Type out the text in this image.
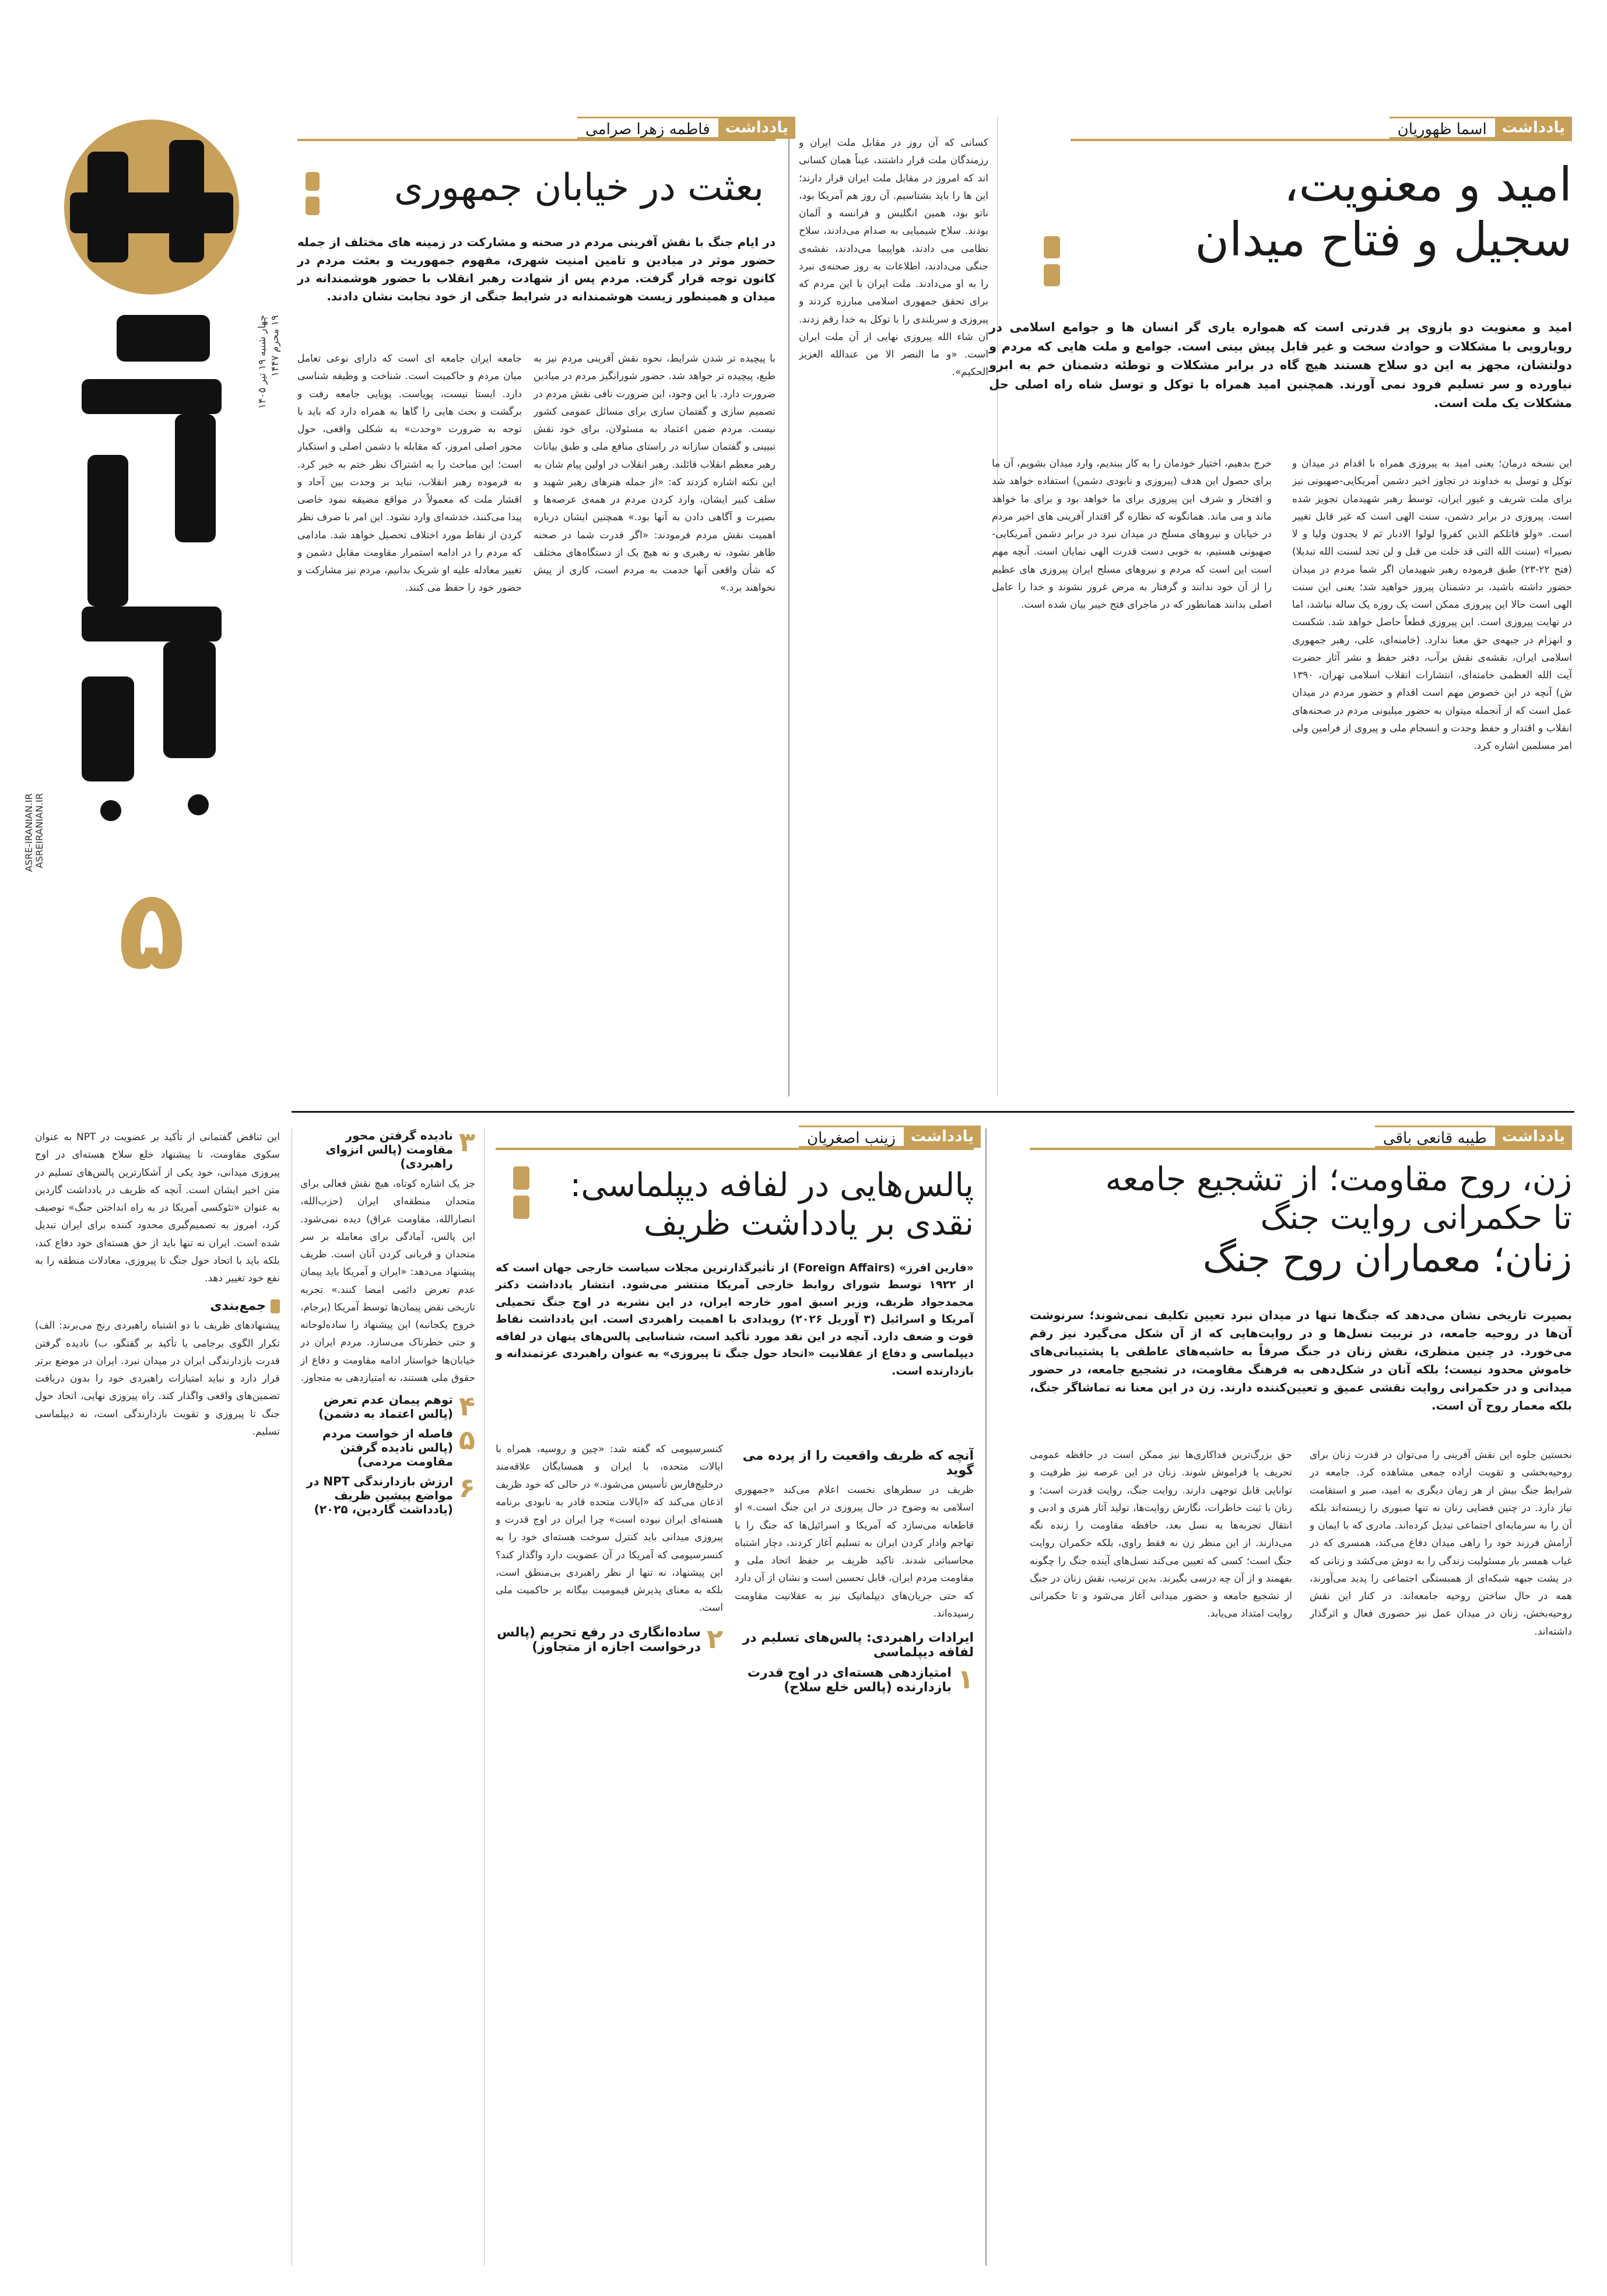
۵
ASRE-IRANIAN.IR ASREIRANIAN.IR
چهار شنبه ۱۹ تیر ۱۴۰۵
۱۹ محرم ۱۴۴۷
یادداشت
اسما ظهوریان
امید و معنویت،
سجیل و فتاح میدان
امید و معنویت دو بازوی پر قدرتی است که همواره یاری گر انسان ها و جوامع اسلامی در رویارویی با مشکلات و حوادث سخت و غیر قابل پیش بینی است. جوامع و ملت هایی که مردم و دولتشان، مجهز به این دو سلاح هستند هیچ گاه در برابر مشکلات و توطئه دشمنان خم به ابرو نیاورده و سر تسلیم فرود نمی آورند. همچنین امید همراه با توکل و توسل شاه راه اصلی حل مشکلات یک ملت است.
این نسخه درمان؛ یعنی امید به پیروزی همراه با اقدام در میدان و توکل و توسل به خداوند در تجاوز اخیر دشمن آمریکایی-صهیونی نیز برای ملت شریف و غیور ایران، توسط رهبر شهیدمان تجویز شده است. پیروزی در برابر دشمن، سنت الهی است که غیر قابل تغییر است. «ولو قاتلکم الذین کفروا لولوا الادبار ثم لا یجدون ولیا و لا نصیرا» (سنت الله التی قد خلت من قبل و لن تجد لسنت الله تبدیلا) (فتح ۲۲-۲۳) طبق فرموده رهبر شهیدمان اگر شما مردم در میدان حضور داشته باشید، بر دشمنان پیروز خواهید شد؛ یعنی این سنت الهی است حالا این پیروزی ممکن است یک روزه یک ساله نباشد، اما در نهایت پیروزی است. این پیروزی قطعاً حاصل خواهد شد. شکست و انهزام در جبهه‌ی حق معنا ندارد. (خامنه‌ای، علی، رهبر جمهوری اسلامی ایران، نقشه‌ی نقش برآب، دفتر حفظ و نشر آثار حضرت آیت الله العظمی خامنه‌ای، انتشارات انقلاب اسلامی تهران، ۱۳۹۰ ش) آنچه در این خصوص مهم است اقدام و حضور مردم در میدان عمل است که از آنجمله میتوان به حضور میلیونی مردم در صحنه‌های انقلاب و اقتدار و حفظ وحدت و انسجام ملی و پیروی از فرامین ولی امر مسلمین اشاره کرد.
خرج بدهیم، اختیار خودمان را به کار ببندیم، وارد میدان بشویم، آن ما برای حصول این هدف (پیروزی و نابودی دشمن) استفاده خواهد شد و افتخار و شرف این پیروزی برای ما خواهد بود و برای ما خواهد ماند و می ماند. همانگونه که نظاره گر اقتدار آفرینی های اخیر مردم در خیابان و نیروهای مسلح در میدان نبرد در برابر دشمن آمریکایی-صهیونی هستیم، به خوبی دست قدرت الهی نمایان است. آنچه مهم است این است که مردم و نیروهای مسلح ایران پیروزی های عظیم را از آن خود ندانند و گرفتار به مرض غرور نشوند و خدا را عامل اصلی بدانند همانطور که در ماجرای فتح خیبر بیان شده است.
کسانی که آن روز در مقابل ملت ایران و رزمندگان ملت قرار داشتند، عیناً همان کسانی اند که امروز در مقابل ملت ایران قرار دارند؛ این ها را باید بشناسیم. آن روز هم آمریکا بود، ناتو بود، همین انگلیس و فرانسه و آلمان بودند. سلاح شیمیایی به صدام می‌دادند، سلاح نظامی می دادند، هواپیما می‌دادند، نقشه‌ی جنگی می‌دادند، اطلاعات به روز صحنه‌ی نبرد را به او می‌دادند. ملت ایران با این مردم که برای تحقق جمهوری اسلامی مبارزه کردند و پیروزی و سربلندی را با توکل به خدا رقم زدند. ان شاء الله پیروزی نهایی از آن ملت ایران است. «و ما النصر الا من عندالله العزیز الحکیم».
یادداشت
فاطمه زهرا صرامی
بعثت در خیابان جمهوری
در ایام جنگ با نقش آفرینی مردم در صحنه و مشارکت در زمینه های مختلف از جمله حضور موثر در میادین و تامین امنیت شهری، مفهوم جمهوریت و بعثت مردم در کانون توجه قرار گرفت. مردم پس از شهادت رهبر انقلاب با حضور هوشمندانه در میدان و همینطور زیست هوشمندانه در شرایط جنگی از خود نجابت نشان دادند.
با پیچیده تر شدن شرایط، نحوه نقش آفرینی مردم نیز به طبع، پیچیده تر خواهد شد. حضور شورانگیز مردم در میادین ضرورت دارد. با این وجود، این ضرورت نافی نقش مردم در تصمیم سازی و گفتمان سازی برای مسائل عمومی کشور نیست. مردم ضمن اعتماد به مسئولان، برای خود نقش تبیینی و گفتمان سازانه در راستای منافع ملی و طبق بیانات رهبر معظم انقلاب قائلند. رهبر انقلاب در اولین پیام شان به این نکته اشاره کردند که: «از جمله هنرهای رهبر شهید و سلف کبیر ایشان، وارد کردن مردم در همه‌ی عرصه‌ها و بصیرت و آگاهی دادن به آنها بود.» همچنین ایشان درباره اهمیت نقش مردم فرمودند: «اگر قدرت شما در صحنه ظاهر نشود، نه رهبری و نه هیچ یک از دستگاه‌های مختلف که شأن واقعی آنها خدمت به مردم است، کاری از پیش نخواهند برد.»
جامعه ایران جامعه ای است که دارای نوعی تعامل میان مردم و حاکمیت است. شناخت و وظیفه شناسی دارد. ایستا نیست، پویاست. پویایی جامعه رفت و برگشت و بحث هایی را گاها به همراه دارد که باید با توجه به ضرورت «وحدت» به شکلی واقعی، حول محور اصلی امروز، که مقابله با دشمن اصلی و استکبار است؛ این مباحث را به اشتراک نظر ختم به خیر کرد. به فرموده رهبر انقلاب، نباید بر وحدت بین آحاد و اقشار ملت که معمولاً در مواقع مضیقه نمود خاصی پیدا می‌کنند، خدشه‌ای وارد نشود. این امر با صرف نظر کردن از نقاط مورد اختلاف تحصیل خواهد شد. مادامی که مردم را در ادامه استمرار مقاومت مقابل دشمن و تغییر معادله علیه او شریک بدانیم، مردم نیز مشارکت و حضور خود را حفظ می کنند.
یادداشت
طیبه قانعی باقی
زن، روح مقاومت؛ از تشجیع جامعه
تا حکمرانی روایت جنگ
زنان؛ معماران روح جنگ
بصیرت تاریخی نشان می‌دهد که جنگ‌ها تنها در میدان نبرد تعیین تکلیف نمی‌شوند؛ سرنوشت آن‌ها در روحیه جامعه، در تربیت نسل‌ها و در روایت‌هایی که از آن شکل می‌گیرد نیز رقم می‌خورد. در چنین منظری، نقش زنان در جنگ صرفاً به حاشیه‌های عاطفی یا پشتیبانی‌های خاموش محدود نیست؛ بلکه آنان در شکل‌دهی به فرهنگ مقاومت، در تشجیع جامعه، در حضور میدانی و در حکمرانی روایت نقشی عمیق و تعیین‌کننده دارند. زن در این معنا نه تماشاگر جنگ، بلکه معمار روح آن است.
نخستین جلوه این نقش آفرینی را می‌توان در قدرت زنان برای روحیه‌بخشی و تقویت اراده جمعی مشاهده کرد. جامعه در شرایط جنگ بیش از هر زمان دیگری به امید، صبر و استقامت نیاز دارد. در چنین فضایی زنان نه تنها صبوری را زیسته‌اند بلکه آن را به سرمایه‌ای اجتماعی تبدیل کرده‌اند. مادری که با ایمان و آرامش فرزند خود را راهی میدان دفاع می‌کند، همسری که در غیاب همسر بار مسئولیت زندگی را به دوش می‌کشد و زنانی که در پشت جبهه شبکه‌ای از همبستگی اجتماعی را پدید می‌آورند، همه در حال ساختن روحیه جامعه‌اند. در کنار این نقش روحیه‌بخش، زنان در میدان عمل نیز حضوری فعال و اثرگذار داشته‌اند.
حق بزرگ‌ترین فداکاری‌ها نیز ممکن است در حافظه عمومی تحریف یا فراموش شوند. زنان در این عرصه نیز ظرفیت و توانایی قابل توجهی دارند. روایت جنگ، روایت قدرت است؛ و زنان با ثبت خاطرات، نگارش روایت‌ها، تولید آثار هنری و ادبی و انتقال تجربه‌ها به نسل بعد، حافظه مقاومت را زنده نگه می‌دارند. از این منظر زن نه فقط راوی، بلکه حکمران روایت جنگ است؛ کسی که تعیین می‌کند نسل‌های آینده جنگ را چگونه بفهمند و از آن چه درسی بگیرند. بدین ترتیب، نقش زنان در جنگ از تشجیع جامعه و حضور میدانی آغاز می‌شود و تا حکمرانی روایت امتداد می‌یابد.
یادداشت
زینب اصغریان
پالس‌هایی در لفافه دیپلماسی:
نقدی بر یادداشت ظریف
«فارین افرز» (Foreign Affairs) از تأثیرگذارترین مجلات سیاست خارجی جهان است که از ۱۹۲۲ توسط شورای روابط خارجی آمریکا منتشر می‌شود. انتشار یادداشت دکتر محمدجواد ظریف، وزیر اسبق امور خارجه ایران، در این نشریه در اوج جنگ تحمیلی آمریکا و اسرائیل (۳ آوریل ۲۰۲۶) رویدادی با اهمیت راهبردی است. این یادداشت نقاط قوت و ضعف دارد. آنچه در این نقد مورد تأکید است، شناسایی پالس‌های پنهان در لفافه دیپلماسی و دفاع از عقلانیت «اتحاد حول جنگ تا پیروزی» به عنوان راهبردی عزتمندانه و بازدارنده است.
آنچه که ظریف واقعیت را از پرده می گوید
ظریف در سطرهای نخست اعلام می‌کند «جمهوری اسلامی به وضوح در حال پیروزی در این جنگ است.» او قاطعانه می‌سازد که آمریکا و اسرائیل‌ها که جنگ را با تهاجم وادار کردن ایران به تسلیم آغاز کردند، دچار اشتباه محاسباتی شدند. تاکید ظریف بر حفظ اتحاد ملی و مقاومت مردم ایران، قابل تحسین است و نشان از آن دارد که حتی جریان‌های دیپلماتیک نیز به عقلانیت مقاومت رسیده‌اند.
ایرادات راهبردی: پالس‌های تسلیم در لفافه دیپلماسی
۱
امتیازدهی هسته‌ای در اوج قدرت بازدارنده (پالس خلع سلاح)
کنسرسیومی که گفته شد: «چین و روسیه، همراه با ایالات متحده، با ایران و همسایگان علاقه‌مند درخلیج‌فارس تأسیس می‌شود.» در حالی که خود ظریف اذعان می‌کند که «ایالات متحده قادر به نابودی برنامه هسته‌ای ایران نبوده است» چرا ایران در اوج قدرت و پیروزی میدانی باید کنترل سوخت هسته‌ای خود را به کنسرسیومی که آمریکا در آن عضویت دارد واگذار کند؟ این پیشنهاد، نه تنها از نظر راهبردی بی‌منطق است، بلکه به معنای پذیرش قیمومیت بیگانه بر حاکمیت ملی است.
۲
ساده‌انگاری در رفع تحریم (پالس درخواست اجازه از متجاوز)
۳
نادیده گرفتن محور مقاومت (پالس انزوای راهبردی)
جز یک اشاره کوتاه، هیچ نقش فعالی برای متحدان منطقه‌ای ایران (حزب‌الله، انصارالله، مقاومت عراق) دیده نمی‌شود. این پالس، آمادگی برای معامله بر سر متحدان و قربانی کردن آنان است. ظریف پیشنهاد می‌دهد: «ایران و آمریکا باید پیمان عدم تعرض دائمی امضا کنند.» تجربه تاریخی نقض پیمان‌ها توسط آمریکا (برجام، خروج یکجانبه) این پیشنهاد را ساده‌لوحانه و حتی خطرناک می‌سازد. مردم ایران در خیابان‌ها خواستار ادامه مقاومت و دفاع از حقوق ملی هستند، نه امتیازدهی به متجاوز.
۴
توهم پیمان عدم تعرض (پالس اعتماد به دشمن)
۵
فاصله از خواست مردم (پالس نادیده گرفتن مقاومت مردمی)
۶
ارزش بازدارندگی NPT در مواضع پیشین ظریف (یادداشت گاردین، ۲۰۲۵)
این تناقض گفتمانی از تأکید بر عضویت در NPT به عنوان سکوی مقاومت، تا پیشنهاد خلع سلاح هسته‌ای در اوج پیروزی میدانی، خود یکی از آشکارترین پالس‌های تسلیم در متن اخیر ایشان است. آنچه که ظریف در یادداشت گاردین به عنوان «تئوکسی آمریکا در به راه انداختن جنگ» توصیف کرد، امروز به تصمیم‌گیری محدود کننده برای ایران تبدیل شده است. ایران نه تنها باید از حق هسته‌ای خود دفاع کند، بلکه باید با اتحاد حول جنگ تا پیروزی، معادلات منطقه را به نفع خود تغییر دهد.
جمع‌بندی
پیشنهادهای ظریف با دو اشتباه راهبردی رنج می‌برند: الف) تکرار الگوی برجامی یا تأکید بر گفتگو، ب) نادیده گرفتن قدرت بازدارندگی ایران در میدان نبرد. ایران در موضع برتر قرار دارد و نباید امتیازات راهبردی خود را بدون دریافت تضمین‌های واقعی واگذار کند. راه پیروزی نهایی، اتحاد حول جنگ تا پیروزی و تقویت بازدارندگی است، نه دیپلماسی تسلیم.
